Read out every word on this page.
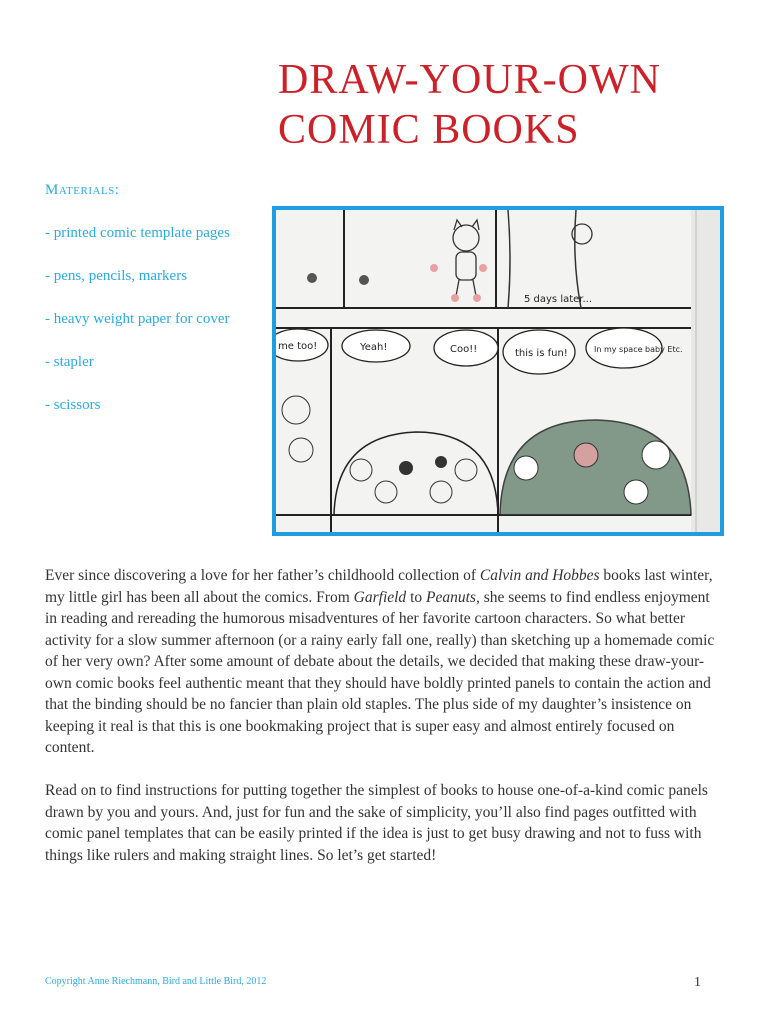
DRAW-YOUR-OWN
COMIC BOOKS
Materials:
- printed comic template pages
- pens, pencils, markers
- heavy weight paper for cover
- stapler
- scissors
5 days later...
me too!	Yeah!	Coo!!	this is fun!	In my space baby Etc.

Ever since discovering a love for her father’s childhoold collection of Calvin and Hobbes books last winter, my little girl has been all about the comics. From Garfield to Peanuts, she seems to find endless enjoyment in reading and rereading the humorous misadventures of her favorite cartoon characters. So what better activity for a slow summer afternoon (or a rainy early fall one, really) than sketching up a homemade comic of her very own? After some amount of debate about the details, we decided that making these draw-your-own comic books feel authentic meant that they should have boldly printed panels to contain the action and that the binding should be no fancier than plain old staples. The plus side of my daughter’s insistence on keeping it real is that this is one bookmaking project that is super easy and almost entirely focused on content.

Read on to find instructions for putting together the simplest of books to house one-of-a-kind comic panels drawn by you and yours. And, just for fun and the sake of simplicity, you’ll also find pages outfitted with comic panel templates that can be easily printed if the idea is just to get busy drawing and not to fuss with things like rulers and making straight lines. So let’s get started!

Copyright Anne Riechmann, Bird and Little Bird, 2012	1
